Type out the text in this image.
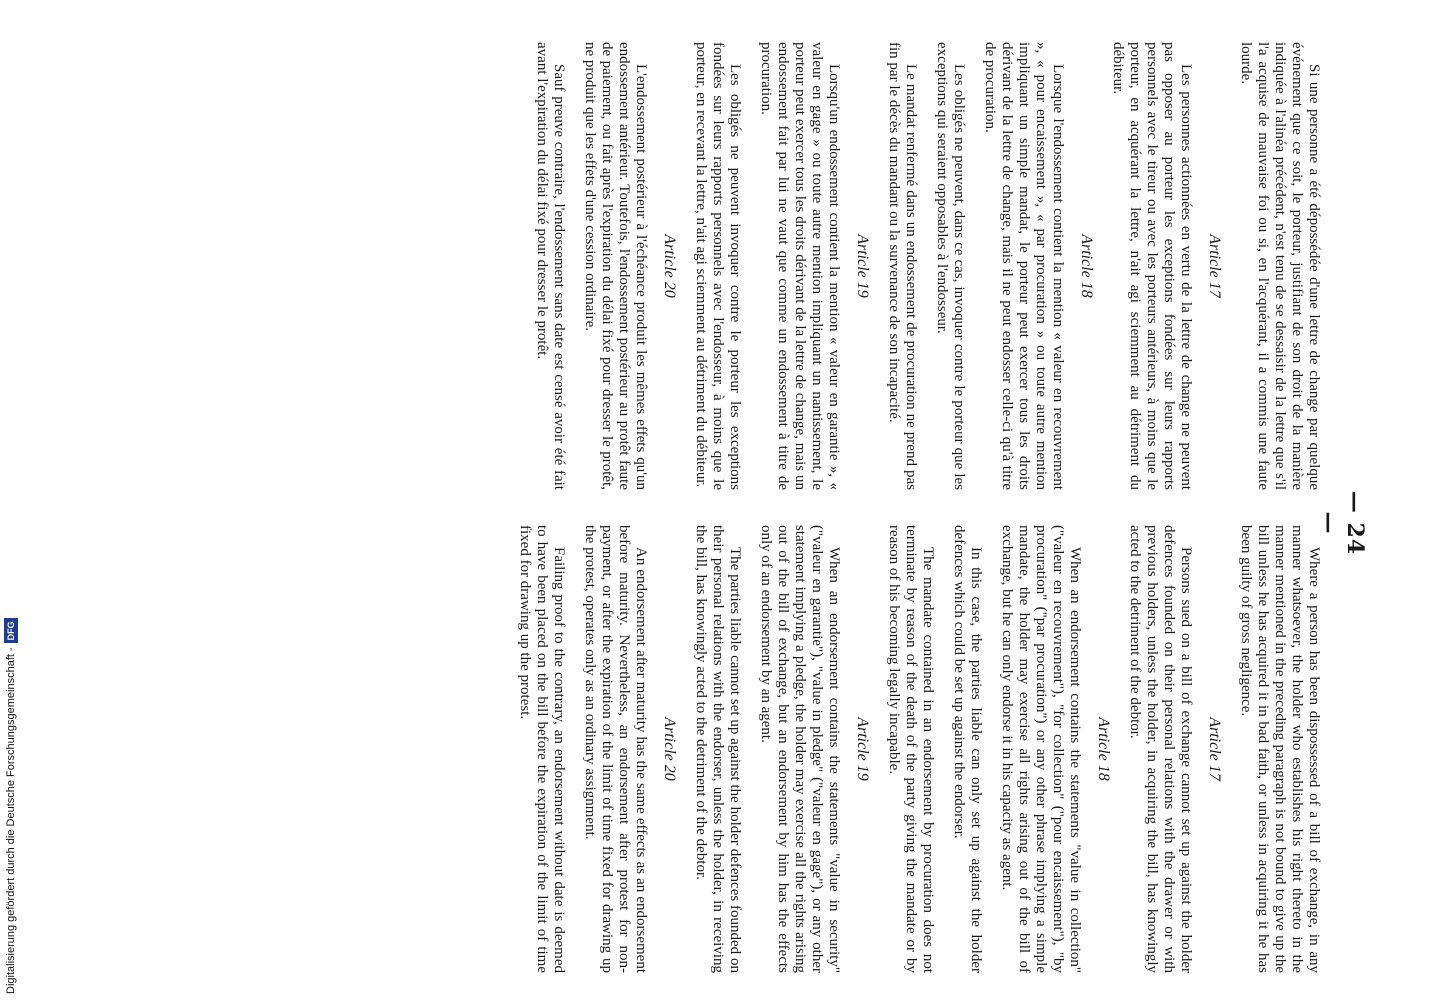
— 24 —

Si une personne a été dépossédée d'une lettre de change par quelque événement que ce soit, le porteur, justifiant de son droit de la manière indiquée à l'alinéa précédent, n'est tenu de se dessaisir de la lettre que s'il l'a acquise de mauvaise foi ou si, en l'acquérant, il a commis une faute lourde.

Article 17

Les personnes actionnées en vertu de la lettre de change ne peuvent pas opposer au porteur les exceptions fondées sur leurs rapports personnels avec le tireur ou avec les porteurs antérieurs, à moins que le porteur, en acquérant la lettre, n'ait agi sciemment au détriment du débiteur.

Article 18

Lorsque l'endossement contient la mention « valeur en recouvrement », « pour encaissement », « par procuration » ou toute autre mention impliquant un simple mandat, le porteur peut exercer tous les droits dérivant de la lettre de change, mais il ne peut endosser celle-ci qu'à titre de procuration.

Les obligés ne peuvent, dans ce cas, invoquer contre le porteur que les exceptions qui seraient opposables à l'endosseur.

Le mandat renfermé dans un endossement de procuration ne prend pas fin par le décès du mandant ou la survenance de son incapacité.

Article 19

Lorsqu'un endossement contient la mention « valeur en garantie », « valeur en gage » ou toute autre mention impliquant un nantissement, le porteur peut exercer tous les droits dérivant de la lettre de change, mais un endossement fait par lui ne vaut que comme un endossement à titre de procuration.

Les obligés ne peuvent invoquer contre le porteur les exceptions fondées sur leurs rapports personnels avec l'endosseur, à moins que le porteur, en recevant la lettre, n'ait agi sciemment au détriment du débiteur.

Article 20

L'endossement postérieur à l'échéance produit les mêmes effets qu'un endossement antérieur. Toutefois, l'endossement postérieur au protêt faute de paiement, ou fait après l'expiration du délai fixé pour dresser le protêt, ne produit que les effets d'une cession ordinaire.

Sauf preuve contraire, l'endossement sans date est censé avoir été fait avant l'expiration du délai fixé pour dresser le protêt.

Where a person has been dispossessed of a bill of exchange, in any manner whatsoever, the holder who establishes his right thereto in the manner mentioned in the preceding paragraph is not bound to give up the bill unless he has acquired it in bad faith, or unless in acquiring it he has been guilty of gross negligence.

Article 17

Persons sued on a bill of exchange cannot set up against the holder defences founded on their personal relations with the drawer or with previous holders, unless the holder, in acquiring the bill, has knowingly acted to the detriment of the debtor.

Article 18

When an endorsement contains the statements "value in collection" ("valeur en recouvrement"), "for collection" ("pour encaissement"), "by procuration" ("par procuration") or any other phrase implying a simple mandate, the holder may exercise all rights arising out of the bill of exchange, but he can only endorse it in his capacity as agent.

In this case, the parties liable can only set up against the holder defences which could be set up against the endorser.

The mandate contained in an endorsement by procuration does not terminate by reason of the death of the party giving the mandate or by reason of his becoming legally incapable.

Article 19

When an endorsement contains the statements "value in security" ("valeur en garantie"), "value in pledge" ("valeur en gage"), or any other statement implying a pledge, the holder may exercise all the rights arising out of the bill of exchange, but an endorsement by him has the effects only of an endorsement by an agent.

The parties liable cannot set up against the holder defences founded on their personal relations with the endorser, unless the holder, in receiving the bill, has knowingly acted to the detriment of the debtor.

Article 20

An endorsement after maturity has the same effects as an endorsement before maturity. Nevertheless, an endorsement after protest for non-payment, or after the expiration of the limit of time fixed for drawing up the protest, operates only as an ordinary assignment.

Failing proof to the contrary, an endorsement without date is deemed to have been placed on the bill before the expiration of the limit of time fixed for drawing up the protest.

Digitalisierung gefördert durch die Deutsche Forschungsgemeinschaft -
DFG
